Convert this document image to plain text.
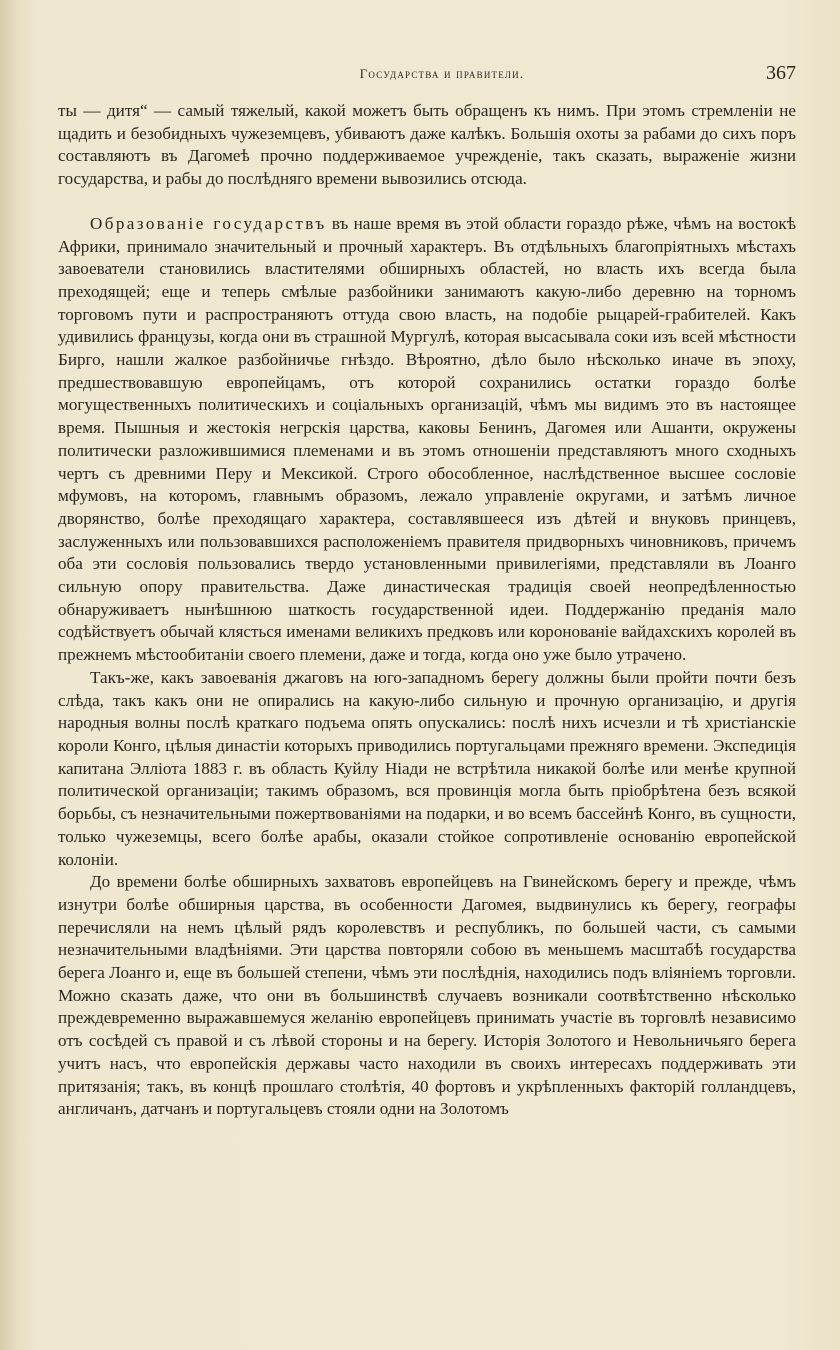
Государства и правители.	367

ты — дитя“ — самый тяжелый, какой можетъ быть обращенъ къ нимъ. При этомъ стремленіи не щадить и безобидныхъ чужеземцевъ, убиваютъ даже калѣкъ. Большія охоты за рабами до сихъ поръ составляютъ въ Дагомеѣ прочно поддерживаемое учрежденіе, такъ сказать, выраженіе жизни государства, и рабы до послѣдняго времени вывозились отсюда.

Образованіе государствъ въ наше время въ этой области гораздо рѣже, чѣмъ на востокѣ Африки, принимало значительный и прочный характеръ. Въ отдѣльныхъ благопріятныхъ мѣстахъ завоеватели становились властителями обширныхъ областей, но власть ихъ всегда была преходящей; еще и теперь смѣлые разбойники занимаютъ какую-либо деревню на торномъ торговомъ пути и распространяютъ оттуда свою власть, на подобіе рыцарей-грабителей. Какъ удивились французы, когда они въ страшной Мургулѣ, которая высасывала соки изъ всей мѣстности Бирго, нашли жалкое разбойничье гнѣздо. Вѣроятно, дѣло было нѣсколько иначе въ эпоху, предшествовавшую европейцамъ, отъ которой сохранились остатки гораздо болѣе могущественныхъ политическихъ и соціальныхъ организацій, чѣмъ мы видимъ это въ настоящее время. Пышныя и жестокія негрскія царства, каковы Бенинъ, Дагомея или Ашанти, окружены политически разложившимися племенами и въ этомъ отношеніи представляютъ много сходныхъ чертъ съ древними Перу и Мексикой. Строго обособленное, наслѣдственное высшее сословіе мфумовъ, на которомъ, главнымъ образомъ, лежало управленіе округами, и затѣмъ личное дворянство, болѣе преходящаго характера, составлявшееся изъ дѣтей и внуковъ принцевъ, заслуженныхъ или пользовавшихся расположеніемъ правителя придворныхъ чиновниковъ, причемъ оба эти сословія пользовались твердо установленными привилегіями, представляли въ Лоанго сильную опору правительства. Даже династическая традиція своей неопредѣленностью обнаруживаетъ нынѣшнюю шаткость государственной идеи. Поддержанію преданія мало содѣйствуетъ обычай клясться именами великихъ предковъ или коронованіе вайдахскихъ королей въ прежнемъ мѣстообитаніи своего племени, даже и тогда, когда оно уже было утрачено.

Такъ-же, какъ завоеванія джаговъ на юго-западномъ берегу должны были пройти почти безъ слѣда, такъ какъ они не опирались на какую-либо сильную и прочную организацію, и другія народныя волны послѣ краткаго подъема опять опускались: послѣ нихъ исчезли и тѣ христіанскіе короли Конго, цѣлыя династіи которыхъ приводились португальцами прежняго времени. Экспедиція капитана Эллiота 1883 г. въ область Куйлу Ніади не встрѣтила никакой болѣе или менѣе крупной политической организаціи; такимъ образомъ, вся провинція могла быть пріобрѣтена безъ всякой борьбы, съ незначительными пожертвованіями на подарки, и во всемъ бассейнѣ Конго, въ сущности, только чужеземцы, всего болѣе арабы, оказали стойкое сопротивленіе основанію европейской колоніи.

До времени болѣе обширныхъ захватовъ европейцевъ на Гвинейскомъ берегу и прежде, чѣмъ изнутри болѣе обширныя царства, въ особенности Дагомея, выдвинулись къ берегу, географы перечисляли на немъ цѣлый рядъ королевствъ и республикъ, по большей части, съ самыми незначительными владѣніями. Эти царства повторяли собою въ меньшемъ масштабѣ государства берега Лоанго и, еще въ большей степени, чѣмъ эти послѣднія, находились подъ вліяніемъ торговли. Можно сказать даже, что они въ большинствѣ случаевъ возникали соотвѣтственно нѣсколько преждевременно выражавшемуся желанію европейцевъ принимать участіе въ торговлѣ независимо отъ сосѣдей съ правой и съ лѣвой стороны и на берегу. Исторія Золотого и Невольничьяго берега учитъ насъ, что европейскія державы часто находили въ своихъ интересахъ поддерживать эти притязанія; такъ, въ концѣ прошлаго столѣтія, 40 фортовъ и укрѣпленныхъ факторій голландцевъ, англичанъ, датчанъ и португальцевъ стояли одни на Золотомъ
